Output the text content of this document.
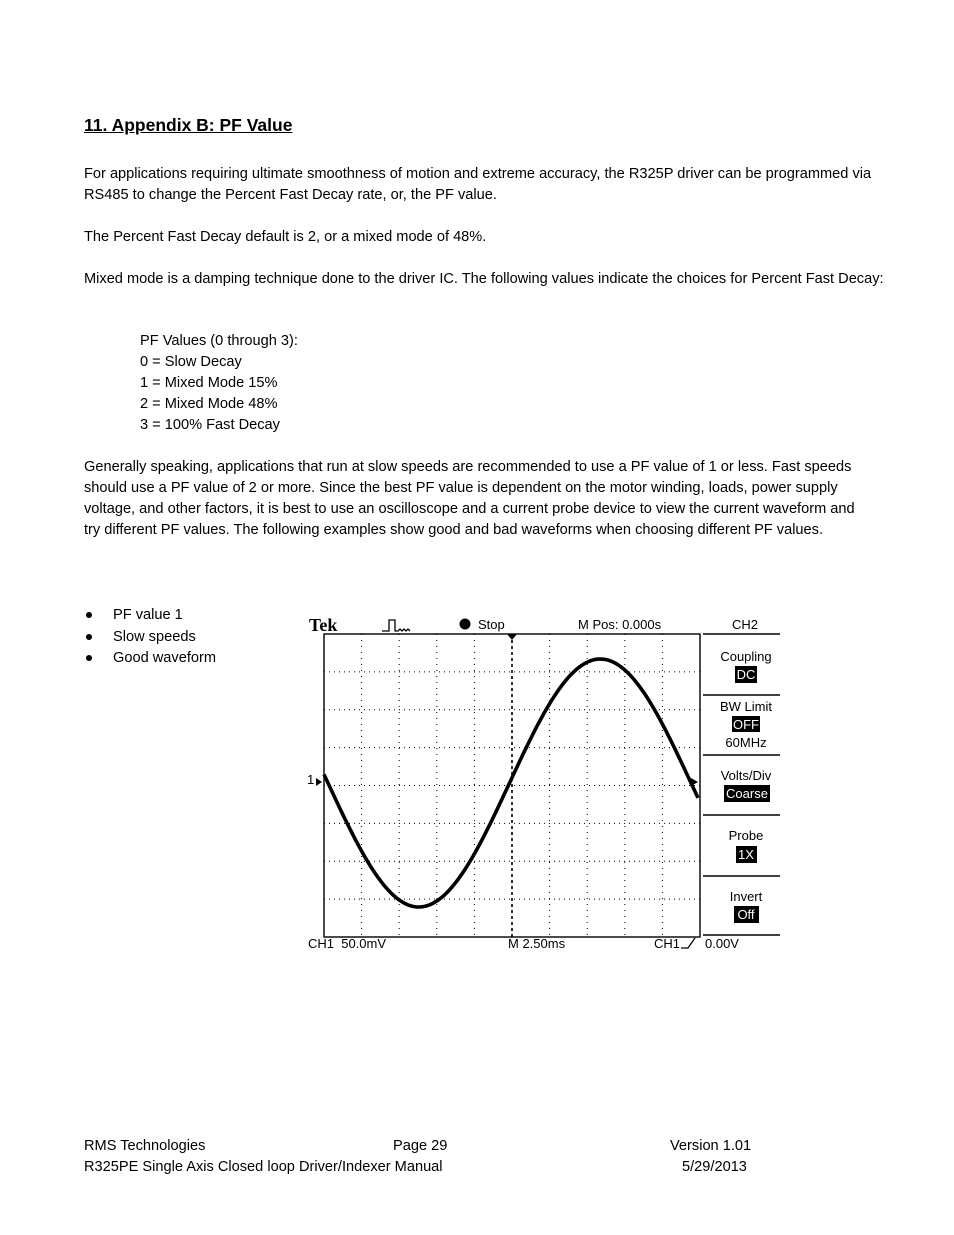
11. Appendix B: PF Value

For applications requiring ultimate smoothness of motion and extreme accuracy, the R325P driver can be programmed via RS485 to change the Percent Fast Decay rate, or, the PF value.

The Percent Fast Decay default is 2, or a mixed mode of 48%.

Mixed mode is a damping technique done to the driver IC. The following values indicate the choices for Percent Fast Decay:

PF Values (0 through 3):
0 = Slow Decay
1 = Mixed Mode 15%
2 = Mixed Mode 48%
3 = 100% Fast Decay

Generally speaking, applications that run at slow speeds are recommended to use a PF value of 1 or less. Fast speeds should use a PF value of 2 or more. Since the best PF value is dependent on the motor winding, loads, power supply voltage, and other factors, it is best to use an oscilloscope and a current probe device to view the current waveform and try different PF values. The following examples show good and bad waveforms when choosing different PF values.

PF value 1
Slow speeds
Good waveform
Tek	Stop	M Pos: 0.000s	CH2
1
Coupling
DC
BW Limit
OFF
60MHz
Volts/Div
Coarse
Probe
1X
Invert
Off
CH1  50.0mV	M 2.50ms	CH1 0.00V
RMS Technologies	Page 29	Version 1.01
R325PE Single Axis Closed loop Driver/Indexer Manual	5/29/2013
